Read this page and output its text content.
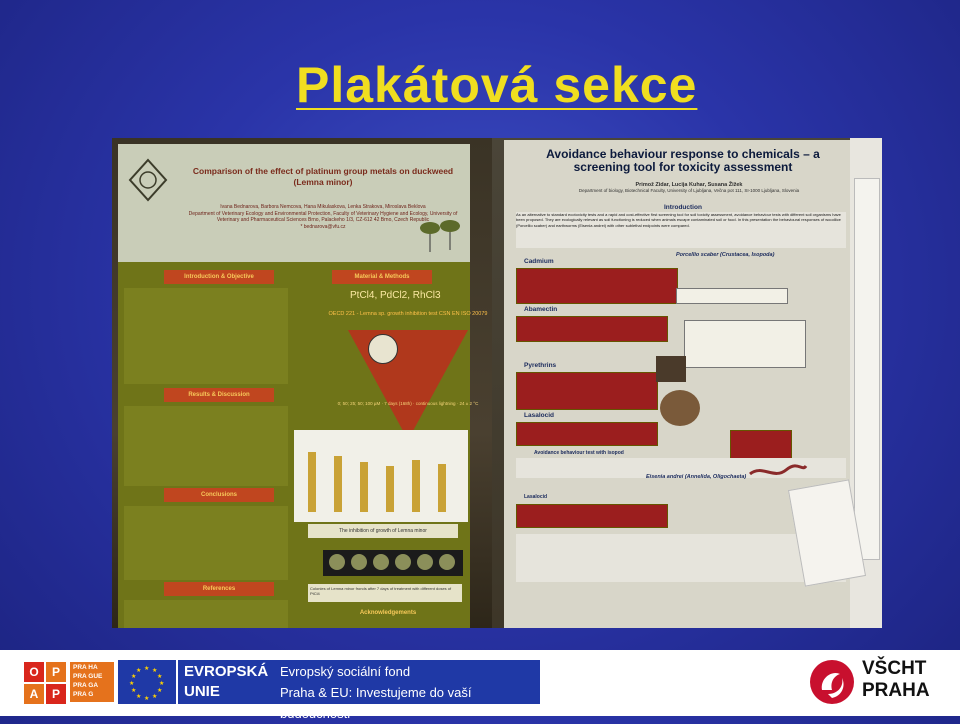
Plakátová sekce
Comparison of the effect of platinum group metals on duckweed (Lemna minor)
Ivana Bednarova, Barbora Nemcova, Hana Mikulaskova, Lenka Strakova, Miroslava Beklova
Department of Veterinary Ecology and Environmental Protection, Faculty of Veterinary Hygiene and Ecology, University of Veterinary and Pharmaceutical Sciences Brno, Palackeho 1/3, CZ-612 42 Brno, Czech Republic
* bednarova@vfu.cz
Introduction & Objective	Material & Methods
PtCl4, PdCl2, RhCl3
OECD 221 - Lemna sp. growth inhibition test CSN EN ISO 20079
0; 50; 25; 50; 100 µM · 7 days (168h) · continuous lightning · 24 ± 2 °C
Results & Discussion
Conclusions
The inhibition of growth of Lemna minor
References	Colonies of Lemna minor fronds after 7 days of treatment with different doses of PtCl4
Acknowledgements
Avoidance behaviour response to chemicals – a screening tool for toxicity assessment
Primož Zidar, Lucija Kuhar, Susana Žižek
Department of biology, Biotechnical Faculty, University of Ljubljana, Večna pot 111, SI-1000 Ljubljana, Slovenia
Introduction
As an alternative to standard ecotoxicity tests and a rapid and cost-effective first screening tool for soil toxicity assessment, avoidance behaviour tests with different soil organisms have been proposed. They are ecologically relevant as soil functioning is reduced when animals escape contaminated soil or food. In this presentation the behavioural responses of woodlice (Porcellio scaber) and earthworms (Eisenia andrei) with other sublethal endpoints were compared.
Cadmium
Porcellio scaber (Crustacea, Isopoda)
Abamectin
Pyrethrins
Lasalocid
Avoidance behaviour test with isopod
Eisenia andrei (Annelida, Oligochaeta)
Lasalocid
O	P
A	P
PRA HA
PRA GUE
PRA GA
PRA G
★ ★
★
★
★
★
★
★
★
★
★
★	EVROPSKÁ
UNIE
Evropský sociální fond
Praha & EU: Investujeme do vaší budoucnosti
VŠCHT
PRAHA
